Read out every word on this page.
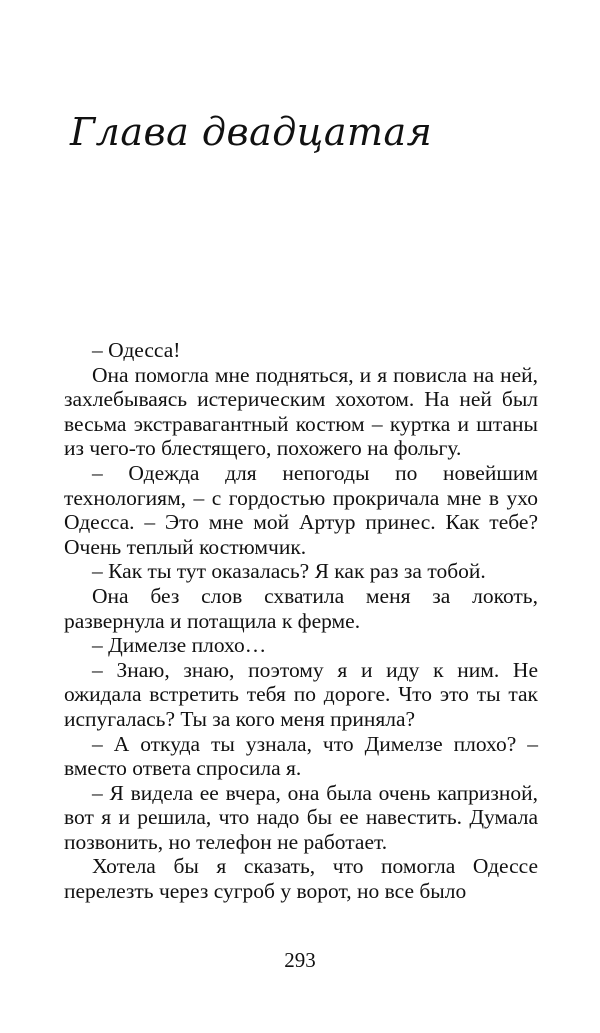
Глава двадцатая

– Одесса!

Она помогла мне подняться, и я повисла на ней, захлебываясь истерическим хохотом. На ней был весьма экстравагантный костюм – куртка и штаны из чего-то блестящего, похожего на фольгу.

– Одежда для непогоды по новейшим технологиям, – с гордостью прокричала мне в ухо Одесса. – Это мне мой Артур принес. Как тебе? Очень теплый костюмчик.

– Как ты тут оказалась? Я как раз за тобой.

Она без слов схватила меня за локоть, развернула и потащила к ферме.

– Димелзе плохо…

– Знаю, знаю, поэтому я и иду к ним. Не ожидала встретить тебя по дороге. Что это ты так испугалась? Ты за кого меня приняла?

– А откуда ты узнала, что Димелзе плохо? – вместо ответа спросила я.

– Я видела ее вчера, она была очень капризной, вот я и решила, что надо бы ее навестить. Думала позвонить, но телефон не работает.

Хотела бы я сказать, что помогла Одессе перелезть через сугроб у ворот, но все было

293
